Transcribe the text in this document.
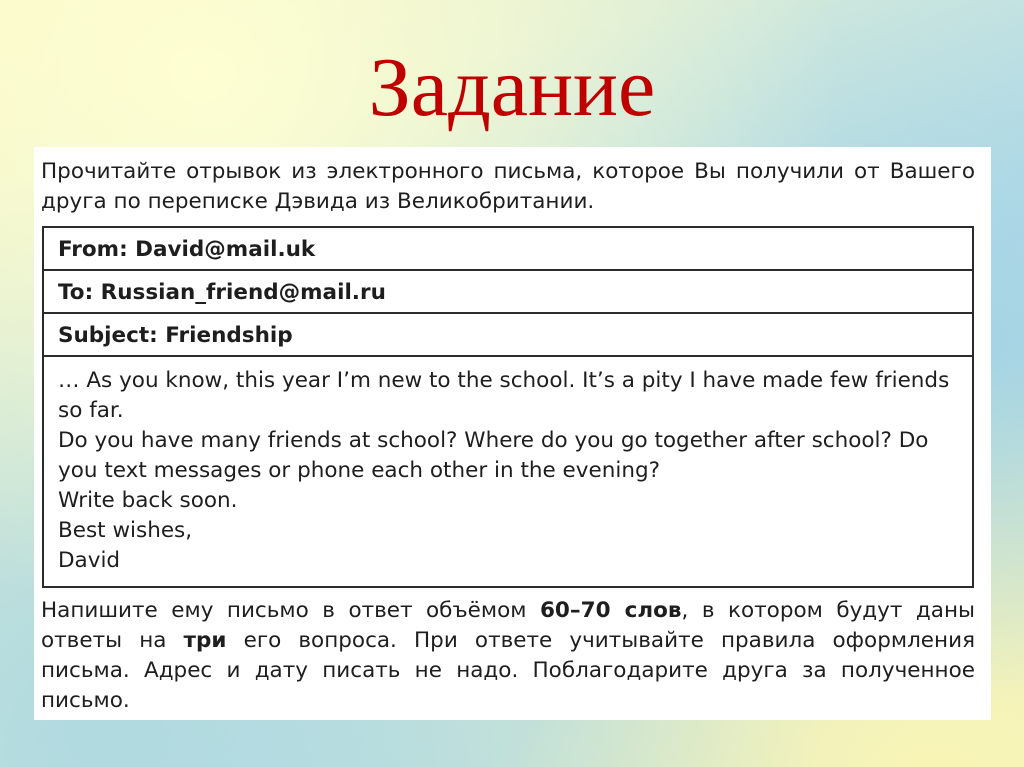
Задание

Прочитайте отрывок из электронного письма, которое Вы получили от Вашего друга по переписке Дэвида из Великобритании.

From: David@mail.uk
To: Russian_friend@mail.ru
Subject: Friendship

… As you know, this year I’m new to the school. It’s a pity I have made few friends so far.

Do you have many friends at school? Where do you go together after school? Do you text messages or phone each other in the evening?

Write back soon.

Best wishes,

David

Напишите ему письмо в ответ объёмом 60–70 слов, в котором будут даны ответы на три его вопроса. При ответе учитывайте правила оформления письма. Адрес и дату писать не надо. Поблагодарите друга за полученное письмо.
